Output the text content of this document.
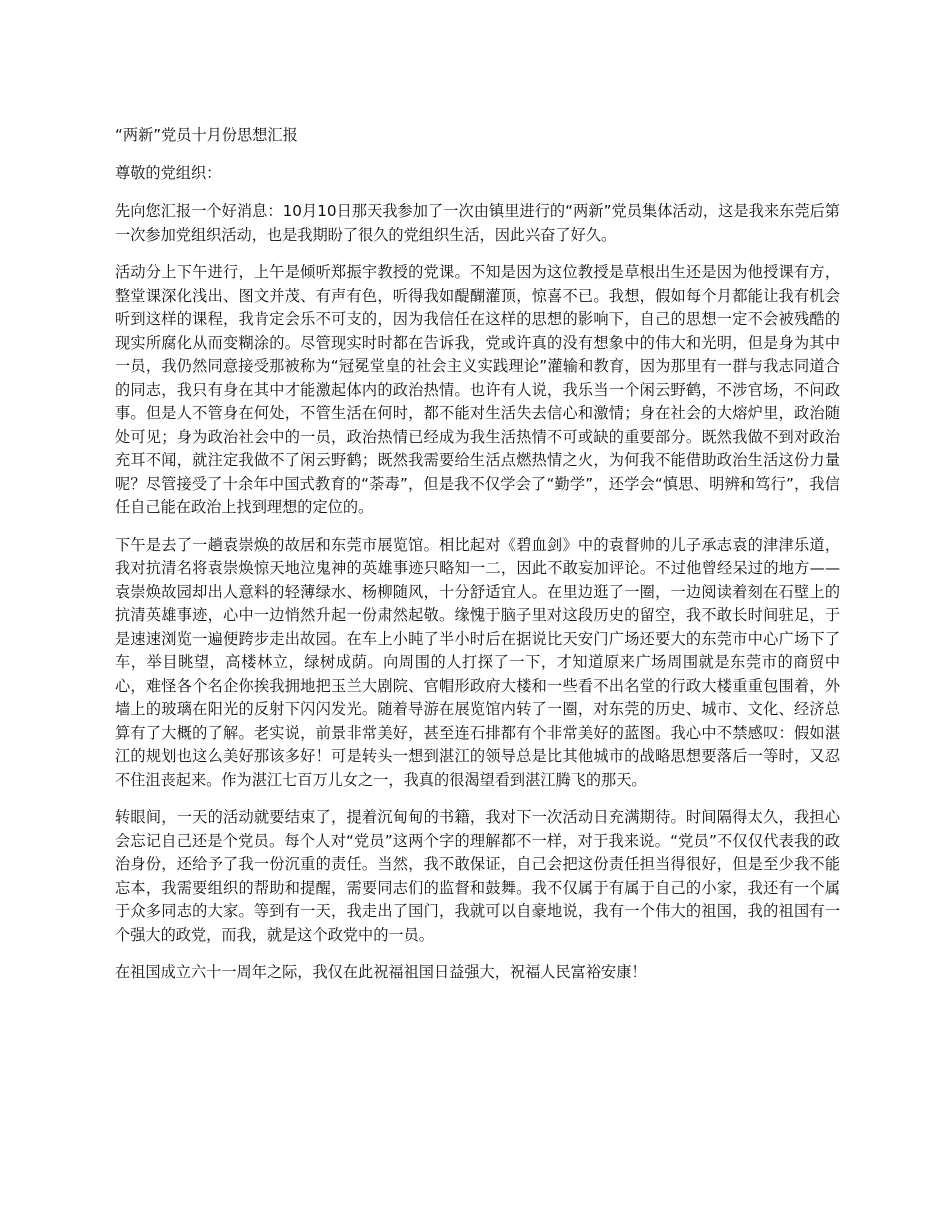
“两新”党员十月份思想汇报
尊敬的党组织：

先向您汇报一个好消息：10月10日那天我参加了一次由镇里进行的“两新”党员集体活动，这是我来东莞后第一次参加党组织活动，也是我期盼了很久的党组织生活，因此兴奋了好久。

活动分上下午进行，上午是倾听郑振宇教授的党课。不知是因为这位教授是草根出生还是因为他授课有方，整堂课深化浅出、图文并茂、有声有色，听得我如醍醐灌顶，惊喜不已。我想，假如每个月都能让我有机会听到这样的课程，我肯定会乐不可支的，因为我信任在这样的思想的影响下，自己的思想一定不会被残酷的现实所腐化从而变糊涂的。尽管现实时时都在告诉我，党或许真的没有想象中的伟大和光明，但是身为其中一员，我仍然同意接受那被称为“冠冕堂皇的社会主义实践理论”灌输和教育，因为那里有一群与我志同道合的同志，我只有身在其中才能激起体内的政治热情。也许有人说，我乐当一个闲云野鹤，不涉官场，不问政事。但是人不管身在何处，不管生活在何时，都不能对生活失去信心和激情；身在社会的大熔炉里，政治随处可见；身为政治社会中的一员，政治热情已经成为我生活热情不可或缺的重要部分。既然我做不到对政治充耳不闻，就注定我做不了闲云野鹤；既然我需要给生活点燃热情之火，为何我不能借助政治生活这份力量呢？尽管接受了十余年中国式教育的“荼毒”，但是我不仅学会了“勤学”，还学会“慎思、明辨和笃行”，我信任自己能在政治上找到理想的定位的。

下午是去了一趟袁崇焕的故居和东莞市展览馆。相比起对《碧血剑》中的袁督帅的儿子承志袁的津津乐道，我对抗清名将袁崇焕惊天地泣鬼神的英雄事迹只略知一二，因此不敢妄加评论。不过他曾经呆过的地方——袁崇焕故园却出人意料的轻薄绿水、杨柳随风，十分舒适宜人。在里边逛了一圈，一边阅读着刻在石壁上的抗清英雄事迹，心中一边悄然升起一份肃然起敬。缘愧于脑子里对这段历史的留空，我不敢长时间驻足，于是速速浏览一遍便跨步走出故园。在车上小盹了半小时后在据说比天安门广场还要大的东莞市中心广场下了车，举目眺望，高楼林立，绿树成荫。向周围的人打探了一下，才知道原来广场周围就是东莞市的商贸中心，难怪各个名企你挨我拥地把玉兰大剧院、官帽形政府大楼和一些看不出名堂的行政大楼重重包围着，外墙上的玻璃在阳光的反射下闪闪发光。随着导游在展览馆内转了一圈，对东莞的历史、城市、文化、经济总算有了大概的了解。老实说，前景非常美好，甚至连石排都有个非常美好的蓝图。我心中不禁感叹：假如湛江的规划也这么美好那该多好！可是转头一想到湛江的领导总是比其他城市的战略思想要落后一等时，又忍不住沮丧起来。作为湛江七百万儿女之一，我真的很渴望看到湛江腾飞的那天。

转眼间，一天的活动就要结束了，提着沉甸甸的书籍，我对下一次活动日充满期待。时间隔得太久，我担心会忘记自己还是个党员。每个人对“党员”这两个字的理解都不一样，对于我来说。“党员”不仅仅代表我的政治身份，还给予了我一份沉重的责任。当然，我不敢保证，自己会把这份责任担当得很好，但是至少我不能忘本，我需要组织的帮助和提醒，需要同志们的监督和鼓舞。我不仅属于有属于自己的小家，我还有一个属于众多同志的大家。等到有一天，我走出了国门，我就可以自豪地说，我有一个伟大的祖国，我的祖国有一个强大的政党，而我，就是这个政党中的一员。

在祖国成立六十一周年之际，我仅在此祝福祖国日益强大，祝福人民富裕安康！
